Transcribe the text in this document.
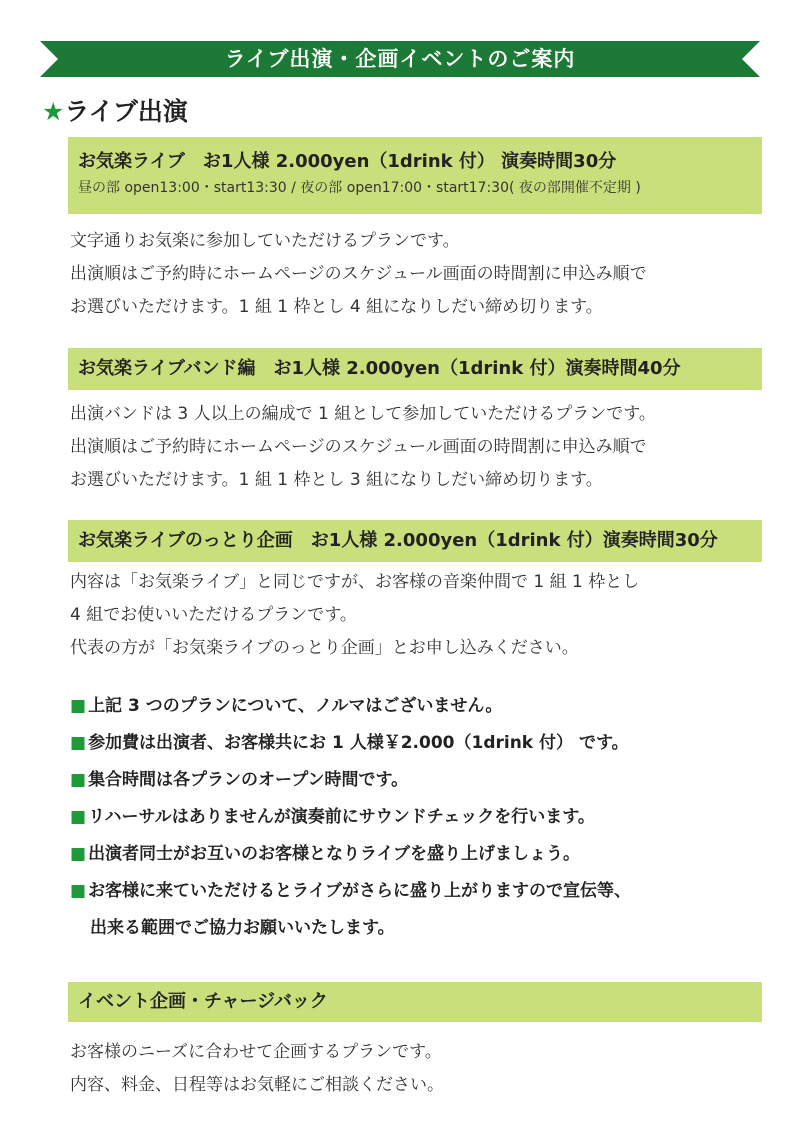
ライブ出演・企画イベントのご案内
★ライブ出演
お気楽ライブ　お1人様 2.000yen（1drink 付） 演奏時間30分
昼の部 open13:00・start13:30 / 夜の部 open17:00・start17:30( 夜の部開催不定期 )
文字通りお気楽に参加していただけるプランです。
出演順はご予約時にホームページのスケジュール画面の時間割に申込み順で
お選びいただけます。1 組 1 枠とし 4 組になりしだい締め切ります。
お気楽ライブバンド編　お1人様 2.000yen（1drink 付）演奏時間40分
出演バンドは 3 人以上の編成で 1 組として参加していただけるプランです。
出演順はご予約時にホームページのスケジュール画面の時間割に申込み順で
お選びいただけます。1 組 1 枠とし 3 組になりしだい締め切ります。
お気楽ライブのっとり企画　お1人様 2.000yen（1drink 付）演奏時間30分
内容は「お気楽ライブ」と同じですが、お客様の音楽仲間で 1 組 1 枠とし
4 組でお使いいただけるプランです。
代表の方が「お気楽ライブのっとり企画」とお申し込みください。
■ 上記 3 つのプランについて、ノルマはございません。
■ 参加費は出演者、お客様共にお 1 人様￥2.000（1drink 付） です。
■ 集合時間は各プランのオープン時間です。
■ リハーサルはありませんが演奏前にサウンドチェックを行います。
■ 出演者同士がお互いのお客様となりライブを盛り上げましょう。
■ お客様に来ていただけるとライブがさらに盛り上がりますので宣伝等、
出来る範囲でご協力お願いいたします。
イベント企画・チャージバック
お客様のニーズに合わせて企画するプランです。
内容、料金、日程等はお気軽にご相談ください。
